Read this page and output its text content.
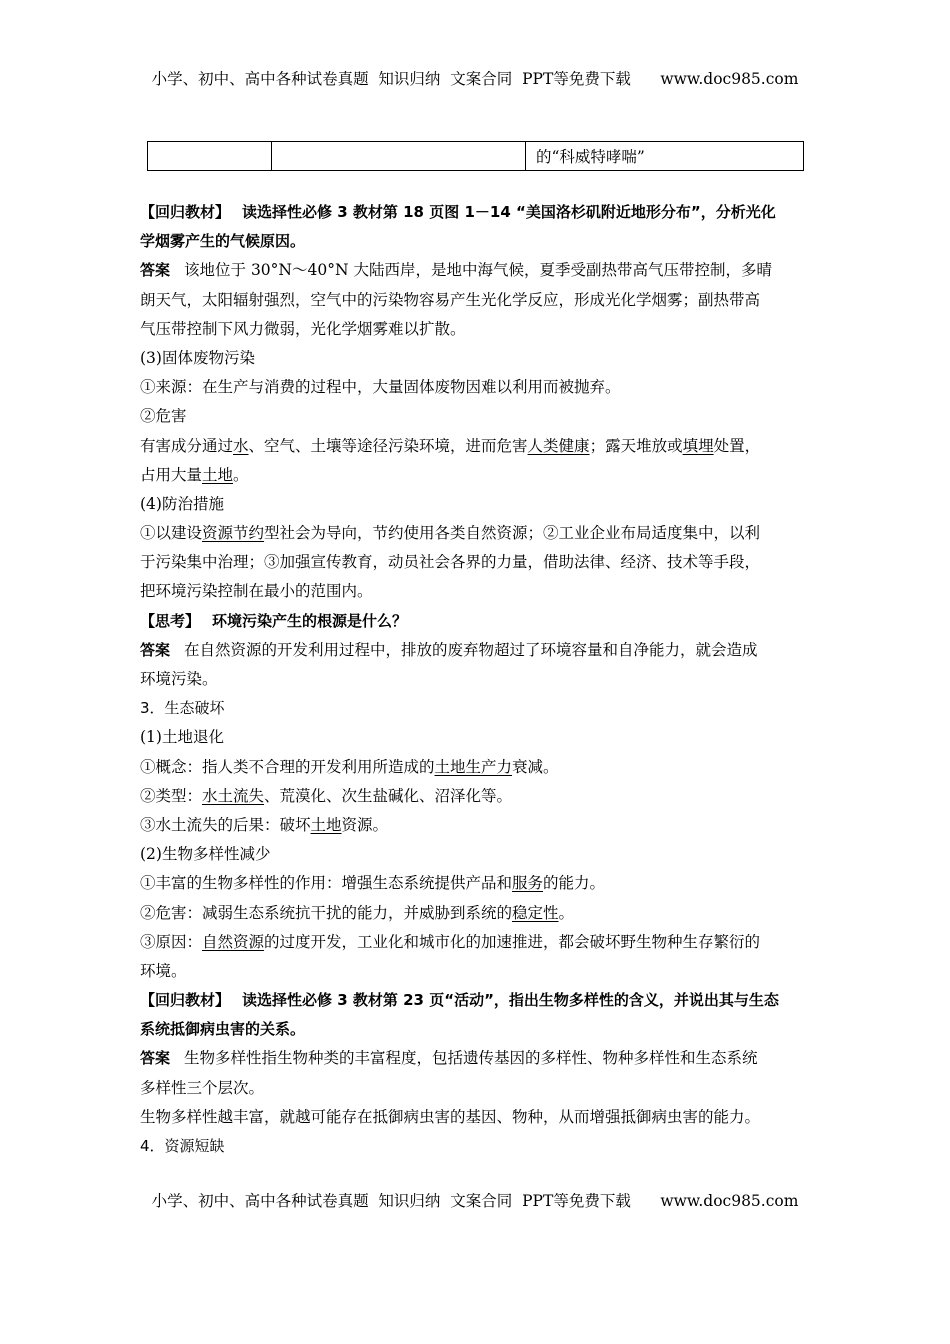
小学、初中、高中各种试卷真题  知识归纳  文案合同  PPT等免费下载      www.doc985.com
		的“科威特哮喘”
【回归教材】 读选择性必修 3 教材第 18 页图 1－14 “美国洛杉矶附近地形分布”，分析光化
学烟雾产生的气候原因。
答案 该地位于 30°N～40°N 大陆西岸，是地中海气候，夏季受副热带高气压带控制，多晴
朗天气，太阳辐射强烈，空气中的污染物容易产生光化学反应，形成光化学烟雾；副热带高
气压带控制下风力微弱，光化学烟雾难以扩散。
(3)固体废物污染
①来源：在生产与消费的过程中，大量固体废物因难以利用而被抛弃。
②危害
有害成分通过水、空气、土壤等途径污染环境，进而危害人类健康；露天堆放或填埋处置，
占用大量土地。
(4)防治措施
①以建设资源节约型社会为导向，节约使用各类自然资源；②工业企业布局适度集中，以利
于污染集中治理；③加强宣传教育，动员社会各界的力量，借助法律、经济、技术等手段，
把环境污染控制在最小的范围内。
【思考】 环境污染产生的根源是什么？
答案 在自然资源的开发利用过程中，排放的废弃物超过了环境容量和自净能力，就会造成
环境污染。
3．生态破坏
(1)土地退化
①概念：指人类不合理的开发利用所造成的土地生产力衰减。
②类型：水土流失、荒漠化、次生盐碱化、沼泽化等。
③水土流失的后果：破坏土地资源。
(2)生物多样性减少
①丰富的生物多样性的作用：增强生态系统提供产品和服务的能力。
②危害：减弱生态系统抗干扰的能力，并威胁到系统的稳定性。
③原因：自然资源的过度开发，工业化和城市化的加速推进，都会破坏野生物种生存繁衍的
环境。
【回归教材】 读选择性必修 3 教材第 23 页“活动”，指出生物多样性的含义，并说出其与生态
系统抵御病虫害的关系。
答案 生物多样性指生物种类的丰富程度，包括遗传基因的多样性、物种多样性和生态系统
多样性三个层次。
生物多样性越丰富，就越可能存在抵御病虫害的基因、物种，从而增强抵御病虫害的能力。
4．资源短缺
小学、初中、高中各种试卷真题  知识归纳  文案合同  PPT等免费下载      www.doc985.com
